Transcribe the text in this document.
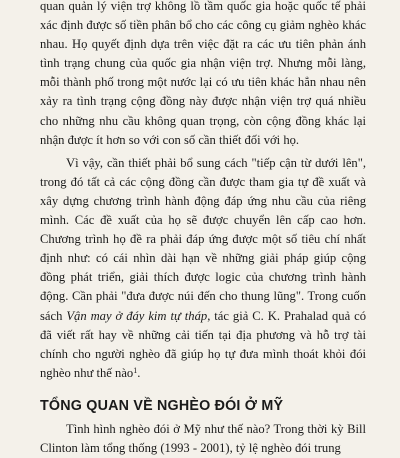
quan quản lý viện trợ không lồ tầm quốc gia hoặc quốc tế phải xác định được số tiền phân bổ cho các công cụ giảm nghèo khác nhau. Họ quyết định dựa trên việc đặt ra các ưu tiên phản ánh tình trạng chung của quốc gia nhận viện trợ. Nhưng mỗi làng, mỗi thành phố trong một nước lại có ưu tiên khác hẳn nhau nên xảy ra tình trạng cộng đồng này được nhận viện trợ quá nhiều cho những nhu cầu không quan trọng, còn cộng đồng khác lại nhận được ít hơn so với con số cần thiết đối với họ.

Vì vậy, cần thiết phải bổ sung cách "tiếp cận từ dưới lên", trong đó tất cả các cộng đồng cần được tham gia tự đề xuất và xây dựng chương trình hành động đáp ứng nhu cầu của riêng mình. Các đề xuất của họ sẽ được chuyển lên cấp cao hơn. Chương trình họ đề ra phải đáp ứng được một số tiêu chí nhất định như: có cái nhìn dài hạn về những giải pháp giúp cộng đồng phát triển, giải thích được logic của chương trình hành động. Cần phải "đưa được núi đến cho thung lũng". Trong cuốn sách Vận may ở đáy kim tự tháp, tác giả C. K. Prahalad quả có đã viết rất hay về những cải tiến tại địa phương và hỗ trợ tài chính cho người nghèo đã giúp họ tự đưa mình thoát khỏi đói nghèo như thế nào$^1$.

TỔNG QUAN VỀ NGHÈO ĐÓI Ở MỸ

Tình hình nghèo đói ở Mỹ như thế nào? Trong thời kỳ Bill Clinton làm tổng thống (1993 - 2001), tỷ lệ nghèo đói trung
